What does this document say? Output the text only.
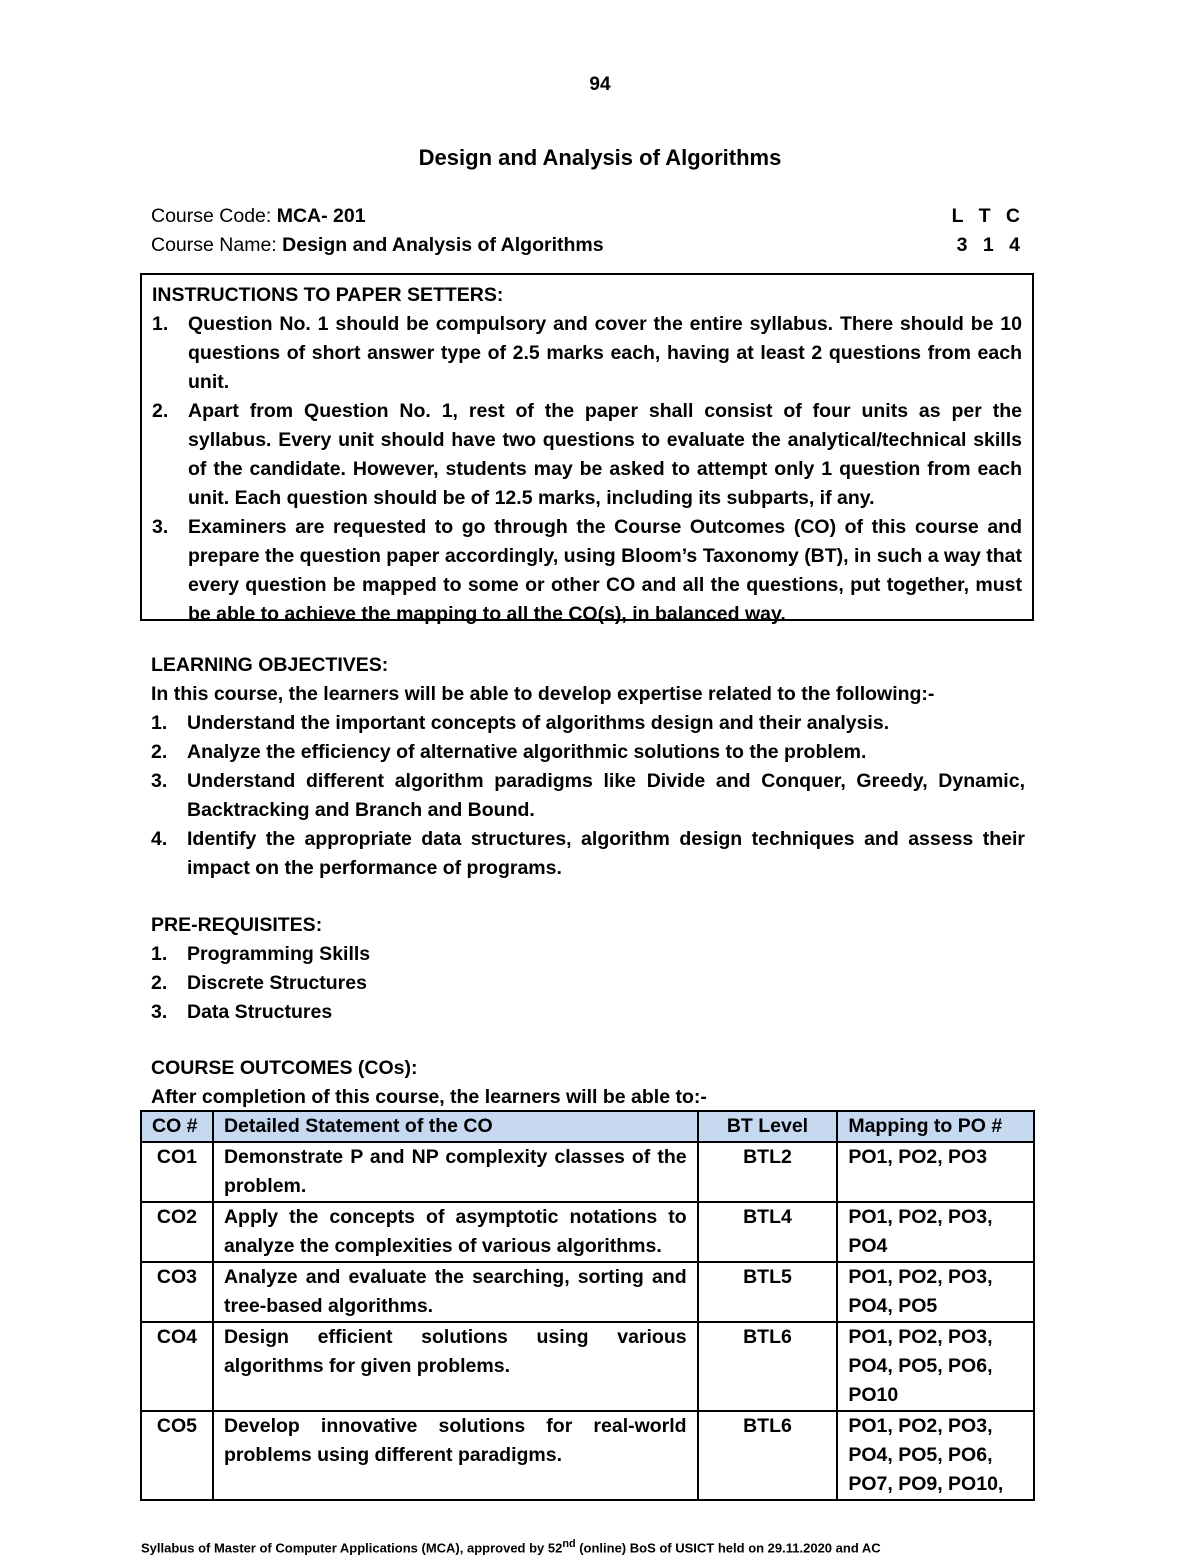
94
Design and Analysis of Algorithms
Course Code: MCA- 201	L T C
Course Name: Design and Analysis of Algorithms	3 1 4
INSTRUCTIONS TO PAPER SETTERS:
1.	Question No. 1 should be compulsory and cover the entire syllabus. There should be 10 questions of short answer type of 2.5 marks each, having at least 2 questions from each unit.
2.	Apart from Question No. 1, rest of the paper shall consist of four units as per the syllabus. Every unit should have two questions to evaluate the analytical/technical skills of the candidate. However, students may be asked to attempt only 1 question from each unit. Each question should be of 12.5 marks, including its subparts, if any.
3.	Examiners are requested to go through the Course Outcomes (CO) of this course and prepare the question paper accordingly, using Bloom’s Taxonomy (BT), in such a way that every question be mapped to some or other CO and all the questions, put together, must be able to achieve the mapping to all the CO(s), in balanced way.
LEARNING OBJECTIVES:
In this course, the learners will be able to develop expertise related to the following:-
1.	Understand the important concepts of algorithms design and their analysis.
2.	Analyze the efficiency of alternative algorithmic solutions to the problem.
3.	Understand different algorithm paradigms like Divide and Conquer, Greedy, Dynamic, Backtracking and Branch and Bound.
4.	Identify the appropriate data structures, algorithm design techniques and assess their impact on the performance of programs.
PRE-REQUISITES:
1.	Programming Skills
2.	Discrete Structures
3.	Data Structures
COURSE OUTCOMES (COs):
After completion of this course, the learners will be able to:-
CO #	Detailed Statement of the CO	BT Level	Mapping to PO #
CO1	Demonstrate P and NP complexity classes of the problem.	BTL2	PO1, PO2, PO3
CO2	Apply the concepts of asymptotic notations to analyze the complexities of various algorithms.	BTL4	PO1, PO2, PO3, PO4
CO3	Analyze and evaluate the searching, sorting and tree-based algorithms.	BTL5	PO1, PO2, PO3, PO4, PO5
CO4	Design efficient solutions using various algorithms for given problems.	BTL6	PO1, PO2, PO3, PO4, PO5, PO6, PO10
CO5	Develop innovative solutions for real-world problems using different paradigms.	BTL6	PO1, PO2, PO3, PO4, PO5, PO6, PO7, PO9, PO10,
Syllabus of Master of Computer Applications (MCA), approved by 52nd (online) BoS of USICT held on 29.11.2020 and AC
